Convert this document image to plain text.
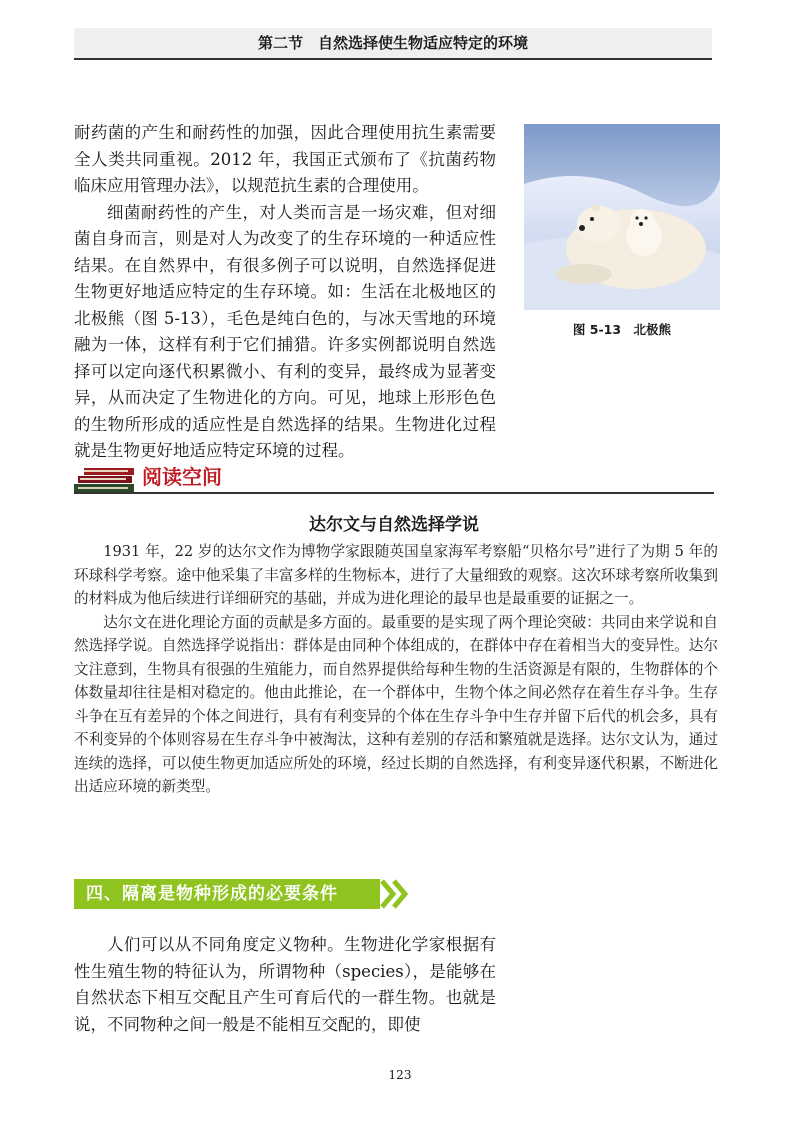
第二节　自然选择使生物适应特定的环境

耐药菌的产生和耐药性的加强，因此合理使用抗生素需要全人类共同重视。2012 年，我国正式颁布了《抗菌药物临床应用管理办法》，以规范抗生素的合理使用。

细菌耐药性的产生，对人类而言是一场灾难，但对细菌自身而言，则是对人为改变了的生存环境的一种适应性结果。在自然界中，有很多例子可以说明，自然选择促进生物更好地适应特定的生存环境。如：生活在北极地区的北极熊（图 5-13），毛色是纯白色的，与冰天雪地的环境融为一体，这样有利于它们捕猎。许多实例都说明自然选择可以定向逐代积累微小、有利的变异，最终成为显著变异，从而决定了生物进化的方向。可见，地球上形形色色的生物所形成的适应性是自然选择的结果。生物进化过程就是生物更好地适应特定环境的过程。

图 5-13　北极熊
阅读空间
达尔文与自然选择学说

1931 年，22 岁的达尔文作为博物学家跟随英国皇家海军考察船“贝格尔号”进行了为期 5 年的环球科学考察。途中他采集了丰富多样的生物标本，进行了大量细致的观察。这次环球考察所收集到的材料成为他后续进行详细研究的基础，并成为进化理论的最早也是最重要的证据之一。

达尔文在进化理论方面的贡献是多方面的。最重要的是实现了两个理论突破：共同由来学说和自然选择学说。自然选择学说指出：群体是由同种个体组成的，在群体中存在着相当大的变异性。达尔文注意到，生物具有很强的生殖能力，而自然界提供给每种生物的生活资源是有限的，生物群体的个体数量却往往是相对稳定的。他由此推论，在一个群体中，生物个体之间必然存在着生存斗争。生存斗争在互有差异的个体之间进行，具有有利变异的个体在生存斗争中生存并留下后代的机会多，具有不利变异的个体则容易在生存斗争中被淘汰，这种有差别的存活和繁殖就是选择。达尔文认为，通过连续的选择，可以使生物更加适应所处的环境，经过长期的自然选择，有利变异逐代积累，不断进化出适应环境的新类型。

四、隔离是物种形成的必要条件

人们可以从不同角度定义物种。生物进化学家根据有性生殖生物的特征认为，所谓物种（species），是能够在自然状态下相互交配且产生可育后代的一群生物。也就是说，不同物种之间一般是不能相互交配的，即使

123
